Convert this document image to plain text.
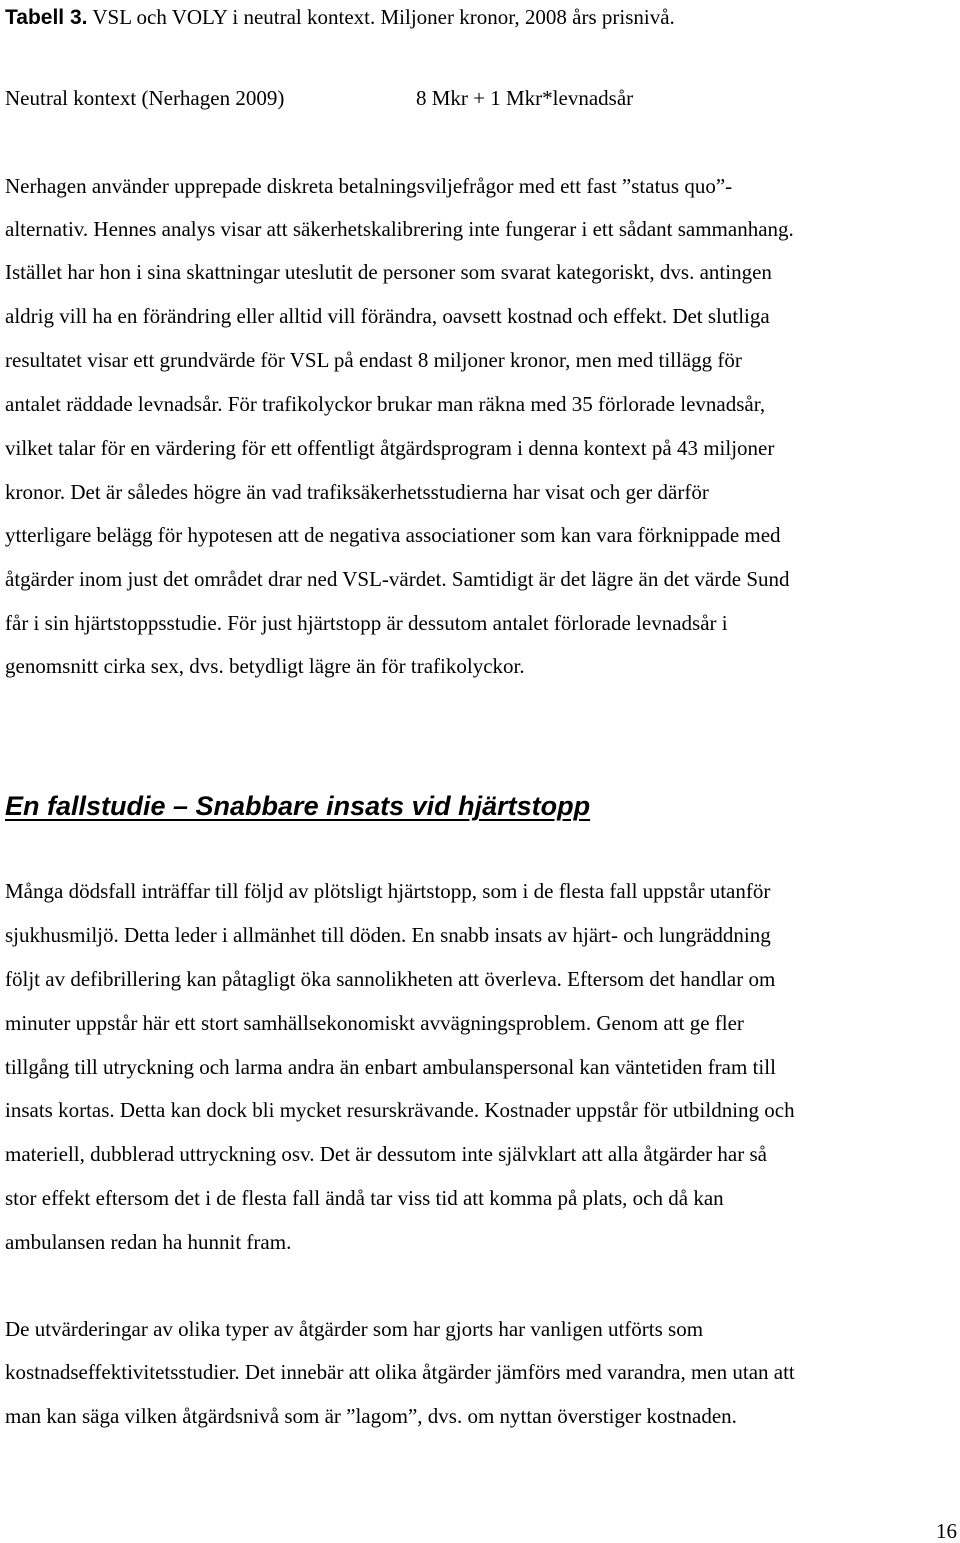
Tabell 3. VSL och VOLY i neutral kontext. Miljoner kronor, 2008 års prisnivå.
Neutral kontext (Nerhagen 2009)	8 Mkr + 1 Mkr*levnadsår
Nerhagen använder upprepade diskreta betalningsviljefrågor med ett fast ”status quo”-
alternativ. Hennes analys visar att säkerhetskalibrering inte fungerar i ett sådant sammanhang.
Istället har hon i sina skattningar uteslutit de personer som svarat kategoriskt, dvs. antingen
aldrig vill ha en förändring eller alltid vill förändra, oavsett kostnad och effekt. Det slutliga
resultatet visar ett grundvärde för VSL på endast 8 miljoner kronor, men med tillägg för
antalet räddade levnadsår. För trafikolyckor brukar man räkna med 35 förlorade levnadsår,
vilket talar för en värdering för ett offentligt åtgärdsprogram i denna kontext på 43 miljoner
kronor. Det är således högre än vad trafiksäkerhetsstudierna har visat och ger därför
ytterligare belägg för hypotesen att de negativa associationer som kan vara förknippade med
åtgärder inom just det området drar ned VSL-värdet. Samtidigt är det lägre än det värde Sund
får i sin hjärtstoppsstudie. För just hjärtstopp är dessutom antalet förlorade levnadsår i
genomsnitt cirka sex, dvs. betydligt lägre än för trafikolyckor.
En fallstudie – Snabbare insats vid hjärtstopp
Många dödsfall inträffar till följd av plötsligt hjärtstopp, som i de flesta fall uppstår utanför
sjukhusmiljö. Detta leder i allmänhet till döden. En snabb insats av hjärt- och lungräddning
följt av defibrillering kan påtagligt öka sannolikheten att överleva. Eftersom det handlar om
minuter uppstår här ett stort samhällsekonomiskt avvägningsproblem. Genom att ge fler
tillgång till utryckning och larma andra än enbart ambulanspersonal kan väntetiden fram till
insats kortas. Detta kan dock bli mycket resurskrävande. Kostnader uppstår för utbildning och
materiell, dubblerad uttryckning osv. Det är dessutom inte självklart att alla åtgärder har så
stor effekt eftersom det i de flesta fall ändå tar viss tid att komma på plats, och då kan
ambulansen redan ha hunnit fram.
De utvärderingar av olika typer av åtgärder som har gjorts har vanligen utförts som
kostnadseffektivitetsstudier. Det innebär att olika åtgärder jämförs med varandra, men utan att
man kan säga vilken åtgärdsnivå som är ”lagom”, dvs. om nyttan överstiger kostnaden.
16
